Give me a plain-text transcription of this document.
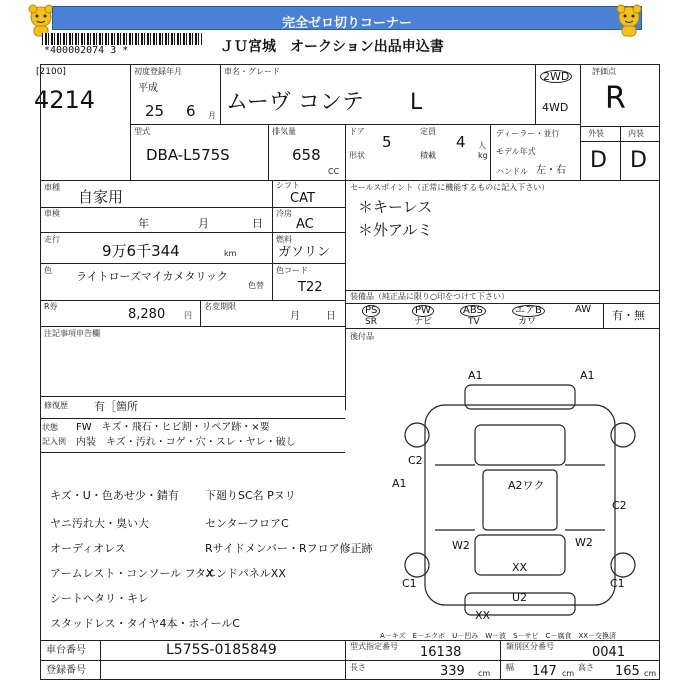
完全ゼロ切りコーナー
*400002074 3 *	ＪＵ宮城　オークション出品申込書
[2100]
4214
初度登録年月
平成
25 6 月
車名・グレード
ムーヴ コンテ L
2WD
4WD
評価点
R
外装	内装
D D
型式
DBA-L575S
排気量
658
CC
ドア
5
定員
4 人
形状	積載	kg
ディーラー・並行
モデル年式
ハンドル 左・右
車種
自家用
シフト
CAT
車検
年	月	日
冷房
AC
走行
9万6千344	km
燃料
ガソリン
色 ライトローズマイカメタリック
色替
色コード
T22
R券
8,280 円
名変期限
月	日
注記事項申告欄
修復歴 有［箇所
セールスポイント（正常に機能するものに記入下さい）
＊キーレス
＊外アルミ
装備品（純正品に限り○印をつけて下さい）
PS	PW	ABS	エアB	AW
SR	ナビ	TV	カワ	有・無
後付品
状態
記入例
FW　キズ・飛石・ヒビ割・リペア跡・×要
内装　キズ・汚れ・コゲ・穴・スレ・ヤレ・破し
キズ・U・色あせ少・錆有
ヤニ汚れ大・臭い大
オーディオレス
アームレスト・コンソール フタX
シートヘタリ・キレ
スタッドレス・タイヤ4本・ホイールC
下廻りSC名 Pヌリ
センターフロアC
Rサイドメンバー・Rフロア修正跡
エンドパネルXX
A1	A1
C2
A1	A2ワク
C2
W2	W2
XX
C1	C1
U2
XX
A－キズ　E－エクボ　U－凹み　W－波　S－サビ　C－腐食　XX－交換済
車台番号	L575S-0185849
登録番号
型式指定番号 16138	類別区分番号	0041
長さ	339 cm
幅 147 cm
高さ 165 cm
